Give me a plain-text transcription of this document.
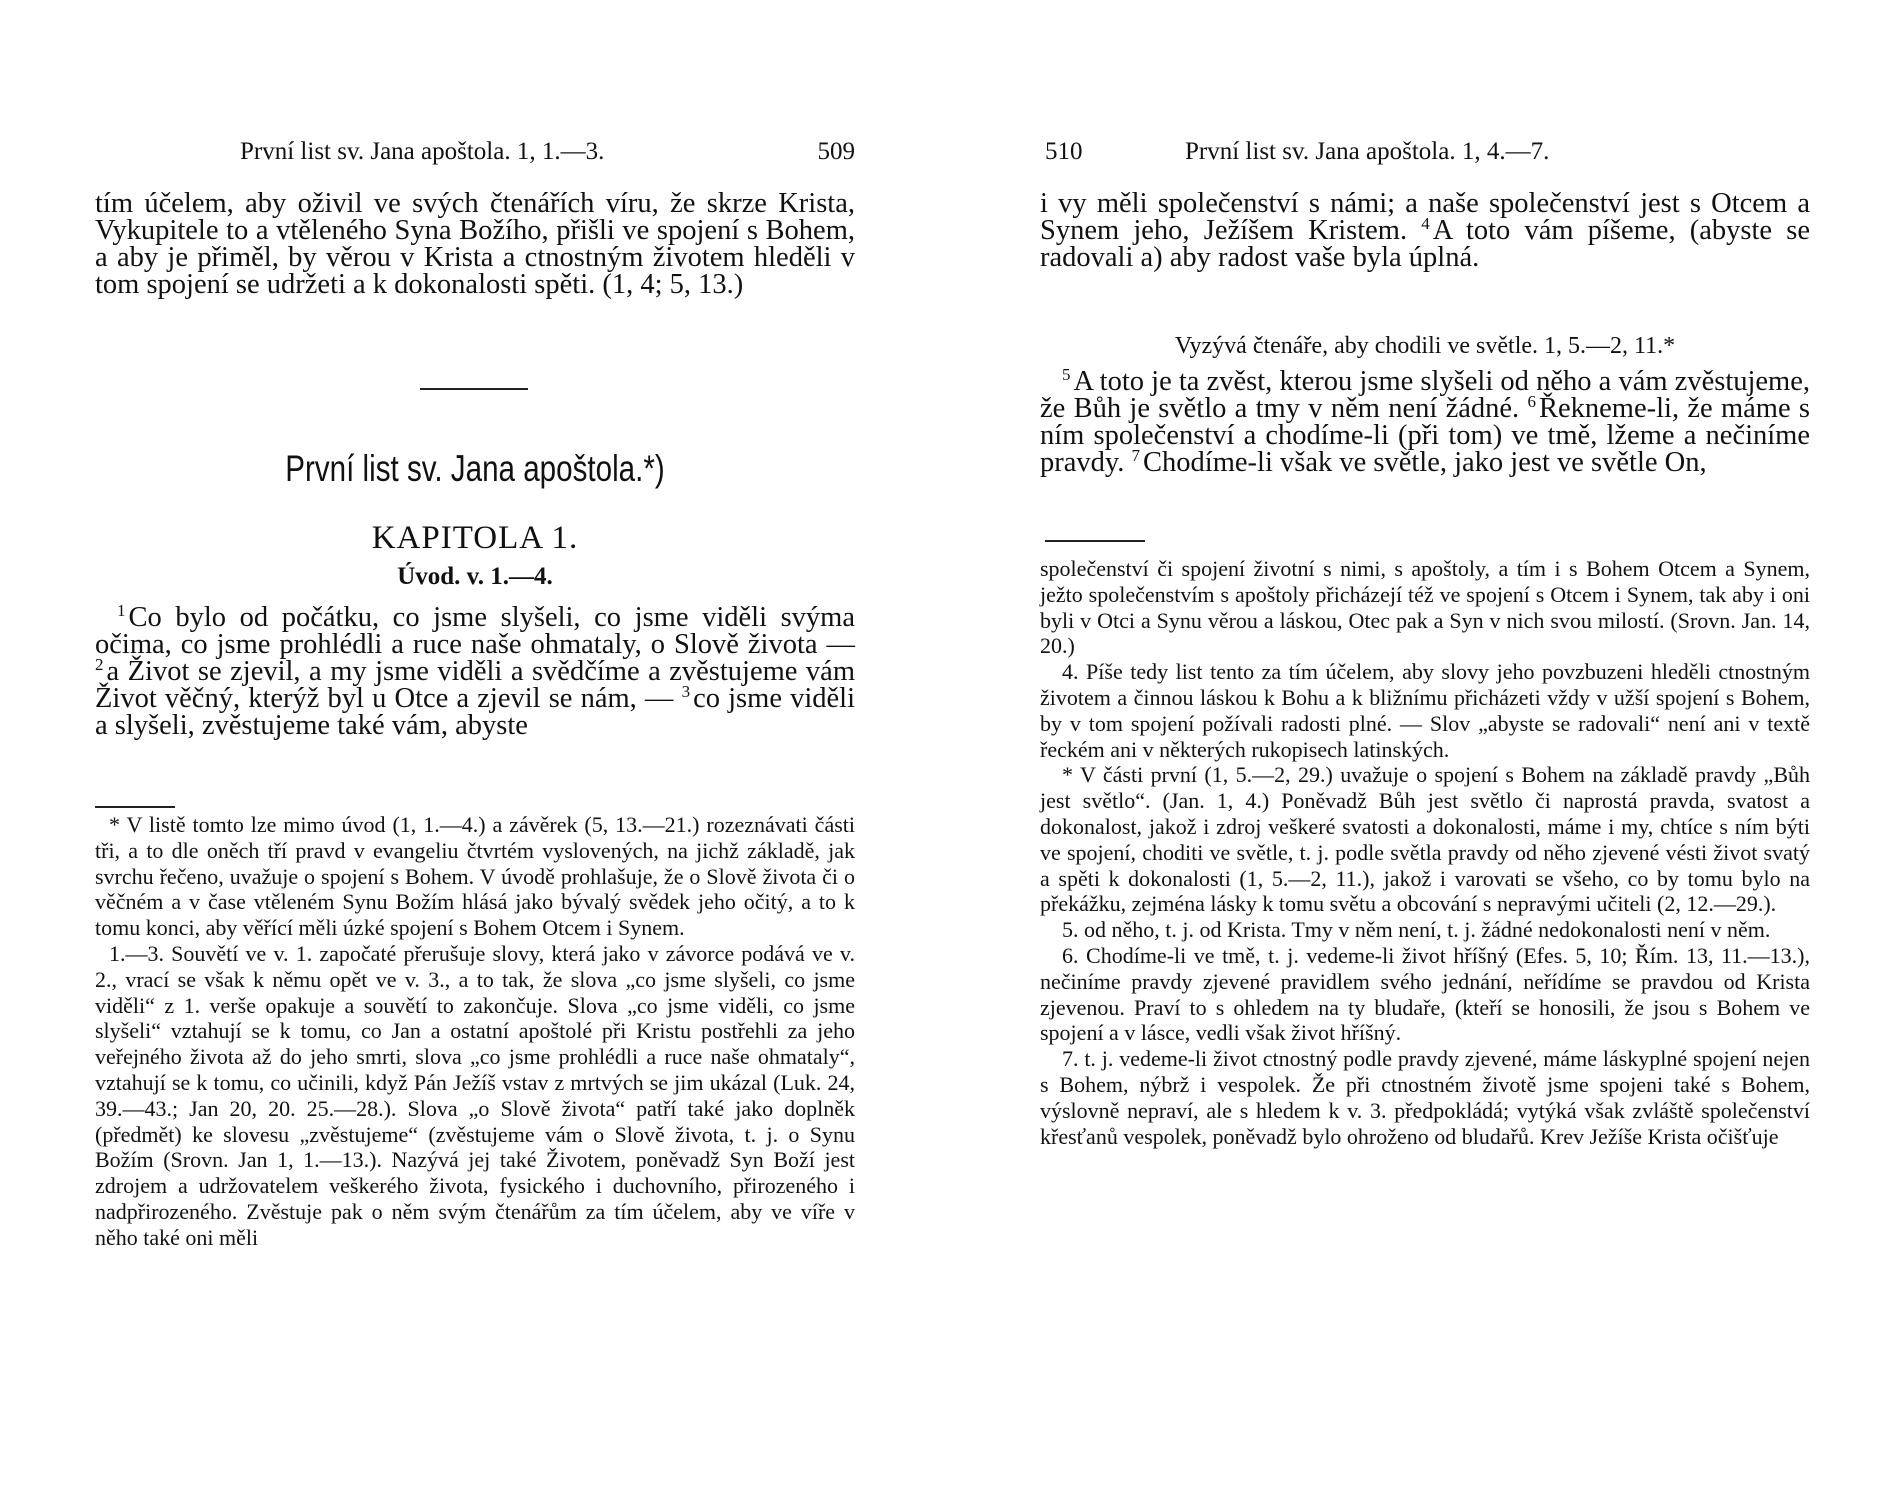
První list sv. Jana apoštola. 1, 1.—3.	509

tím účelem, aby oživil ve svých čtenářích víru, že skrze Krista, Vykupitele to a vtěleného Syna Božího, přišli ve spojení s Bohem, a aby je přiměl, by věrou v Krista a ctnostným životem hleděli v tom spojení se udržeti a k dokonalosti spěti. (1, 4; 5, 13.)

První list sv. Jana apoštola.*)
KAPITOLA 1.
Úvod. v. 1.—4.

$^1$ Co bylo od počátku, co jsme slyšeli, co jsme viděli svýma očima, co jsme prohlédli a ruce naše ohmataly, o Slově života — $^2$ a Život se zjevil, a my jsme viděli a svědčíme a zvěstujeme vám Život věčný, kterýž byl u Otce a zjevil se nám, — $^3$ co jsme viděli a slyšeli, zvěstujeme také vám, abyste

* V listě tomto lze mimo úvod (1, 1.—4.) a závěrek (5, 13.—21.) rozeznávati části tři, a to dle oněch tří pravd v evangeliu čtvrtém vyslovených, na jichž základě, jak svrchu řečeno, uvažuje o spojení s Bohem. V úvodě prohlašuje, že o Slově života či o věčném a v čase vtěleném Synu Božím hlásá jako bývalý svědek jeho očitý, a to k tomu konci, aby věřící měli úzké spojení s Bohem Otcem i Synem.

1.—3. Souvětí ve v. 1. započaté přerušuje slovy, která jako v závorce podává ve v. 2., vrací se však k němu opět ve v. 3., a to tak, že slova „co jsme slyšeli, co jsme viděli“ z 1. verše opakuje a souvětí to zakončuje. Slova „co jsme viděli, co jsme slyšeli“ vztahují se k tomu, co Jan a ostatní apoštolé při Kristu postřehli za jeho veřejného života až do jeho smrti, slova „co jsme prohlédli a ruce naše ohmataly“, vztahují se k tomu, co učinili, když Pán Ježíš vstav z mrtvých se jim ukázal (Luk. 24, 39.—43.; Jan 20, 20. 25.—28.). Slova „o Slově života“ patří také jako doplněk (předmět) ke slovesu „zvěstujeme“ (zvěstujeme vám o Slově života, t. j. o Synu Božím (Srovn. Jan 1, 1.—13.). Nazývá jej také Životem, poněvadž Syn Boží jest zdrojem a udržovatelem veškerého života, fysického i duchovního, přirozeného i nadpřirozeného. Zvěstuje pak o něm svým čtenářům za tím účelem, aby ve víře v něho také oni měli

510	První list sv. Jana apoštola. 1, 4.—7.

i vy měli společenství s námi; a naše společenství jest s Otcem a Synem jeho, Ježíšem Kristem. $^4$ A toto vám píšeme, (abyste se radovali a) aby radost vaše byla úplná.

Vyzývá čtenáře, aby chodili ve světle. 1, 5.—2, 11.*

$^5$ A toto je ta zvěst, kterou jsme slyšeli od něho a vám zvěstujeme, že Bůh je světlo a tmy v něm není žádné. $^6$ Řekneme-li, že máme s ním společenství a chodíme-li (při tom) ve tmě, lžeme a nečiníme pravdy. $^7$ Chodíme-li však ve světle, jako jest ve světle On,

společenství či spojení životní s nimi, s apoštoly, a tím i s Bohem Otcem a Synem, ježto společenstvím s apoštoly přicházejí též ve spojení s Otcem i Synem, tak aby i oni byli v Otci a Synu věrou a láskou, Otec pak a Syn v nich svou milostí. (Srovn. Jan. 14, 20.)

4. Píše tedy list tento za tím účelem, aby slovy jeho povzbuzeni hleděli ctnostným životem a činnou láskou k Bohu a k bližnímu přicházeti vždy v užší spojení s Bohem, by v tom spojení požívali radosti plné. — Slov „abyste se radovali“ není ani v textě řeckém ani v některých rukopisech latinských.

* V části první (1, 5.—2, 29.) uvažuje o spojení s Bohem na základě pravdy „Bůh jest světlo“. (Jan. 1, 4.) Poněvadž Bůh jest světlo či naprostá pravda, svatost a dokonalost, jakož i zdroj veškeré svatosti a dokonalosti, máme i my, chtíce s ním býti ve spojení, choditi ve světle, t. j. podle světla pravdy od něho zjevené vésti život svatý a spěti k dokonalosti (1, 5.—2, 11.), jakož i varovati se všeho, co by tomu bylo na překážku, zejména lásky k tomu světu a obcování s nepravými učiteli (2, 12.—29.).

5. od něho, t. j. od Krista. Tmy v něm není, t. j. žádné nedokonalosti není v něm.

6. Chodíme-li ve tmě, t. j. vedeme-li život hříšný (Efes. 5, 10; Řím. 13, 11.—13.), nečiníme pravdy zjevené pravidlem svého jednání, neřídíme se pravdou od Krista zjevenou. Praví to s ohledem na ty bludaře, (kteří se honosili, že jsou s Bohem ve spojení a v lásce, vedli však život hříšný.

7. t. j. vedeme-li život ctnostný podle pravdy zjevené, máme láskyplné spojení nejen s Bohem, nýbrž i vespolek. Že při ctnostném životě jsme spojeni také s Bohem, výslovně nepraví, ale s hledem k v. 3. předpokládá; vytýká však zvláště společenství křesťanů vespolek, poněvadž bylo ohroženo od bludařů. Krev Ježíše Krista očišťuje
